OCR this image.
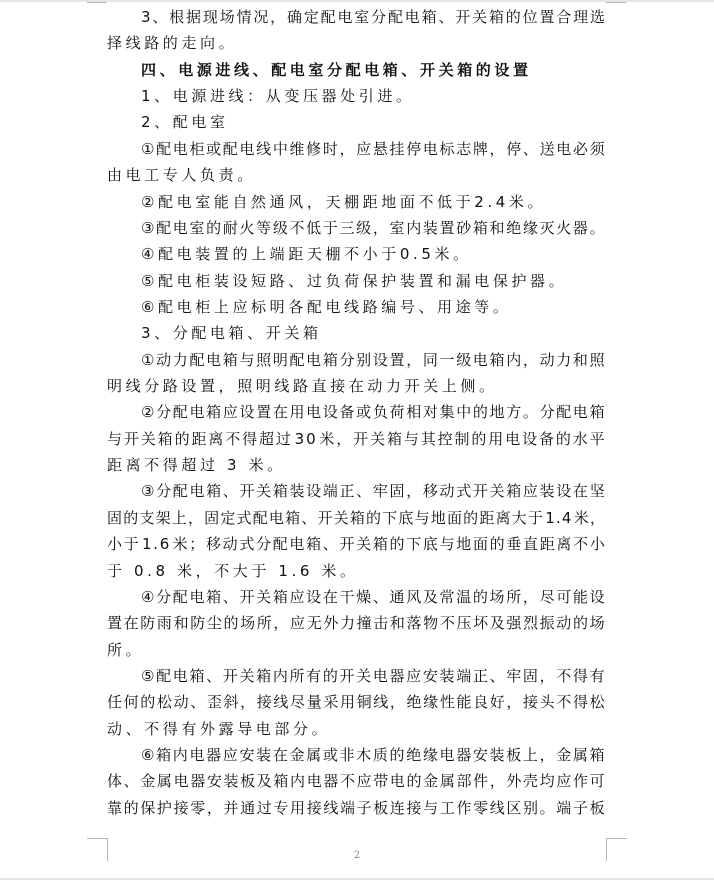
3 、 根 据 现 场 情 况 ， 确 定 配 电 室 分 配 电 箱 、 开 关 箱 的 位 置 合 理 选
择线路的走向。
四、电源进线、配电室分配电箱、开关箱的设置
1、电源进线：从变压器处引进。
2、配电室
① 配 电 柜 或 配 电 线 中 维 修 时 ， 应 悬 挂 停 电 标 志 牌 ， 停 、 送 电 必 须
由电工专人负责。
②配电室能自然通风，天棚距地面不低于2.4米。
③ 配 电 室 的 耐 火 等 级 不 低 于 三 级 ， 室 内 装 置 砂 箱 和 绝 缘 灭 火 器 。
④配电装置的上端距天棚不小于0.5米。
⑤配电柜装设短路、过负荷保护装置和漏电保护器。
⑥配电柜上应标明各配电线路编号、用途等。
3、分配电箱、开关箱
① 动 力 配 电 箱 与 照 明 配 电 箱 分 别 设 置 ， 同 一 级 电 箱 内 ， 动 力 和 照
明线分路设置，照明线路直接在动力开关上侧。
② 分 配 电 箱 应 设 置 在 用 电 设 备 或 负 荷 相 对 集 中 的 地 方 。 分 配 电 箱
与 开 关 箱 的 距 离 不 得 超 过 3 0 米 ， 开 关 箱 与 其 控 制 的 用 电 设 备 的 水 平
距离不得超过 3 米。
③ 分 配 电 箱 、 开 关 箱 装 设 端 正 、 牢 固 ， 移 动 式 开 关 箱 应 装 设 在 坚
固 的 支 架 上 ， 固 定 式 配 电 箱 、 开 关 箱 的 下 底 与 地 面 的 距 离 大 于 1 . 4 米 ，
小 于 1 . 6 米 ； 移 动 式 分 配 电 箱 、 开 关 箱 的 下 底 与 地 面 的 垂 直 距 离 不 小
于 0.8 米，不大于 1.6 米。
④ 分 配 电 箱 、 开 关 箱 应 设 在 干 燥 、 通 风 及 常 温 的 场 所 ， 尽 可 能 设
置 在 防 雨 和 防 尘 的 场 所 ， 应 无 外 力 撞 击 和 落 物 不 压 坏 及 强 烈 振 动 的 场
所。
⑤ 配 电 箱 、 开 关 箱 内 所 有 的 开 关 电 器 应 安 装 端 正 、 牢 固 ， 不 得 有
任 何 的 松 动 、 歪 斜 ， 接 线 尽 量 采 用 铜 线 ， 绝 缘 性 能 良 好 ， 接 头 不 得 松
动、不得有外露导电部分。
⑥ 箱 内 电 器 应 安 装 在 金 属 或 非 木 质 的 绝 缘 电 器 安 装 板 上 ， 金 属 箱
体 、 金 属 电 器 安 装 板 及 箱 内 电 器 不 应 带 电 的 金 属 部 件 ， 外 壳 均 应 作 可
靠 的 保 护 接 零 ， 并 通 过 专 用 接 线 端 子 板 连 接 与 工 作 零 线 区 别 。 端 子 板
2
